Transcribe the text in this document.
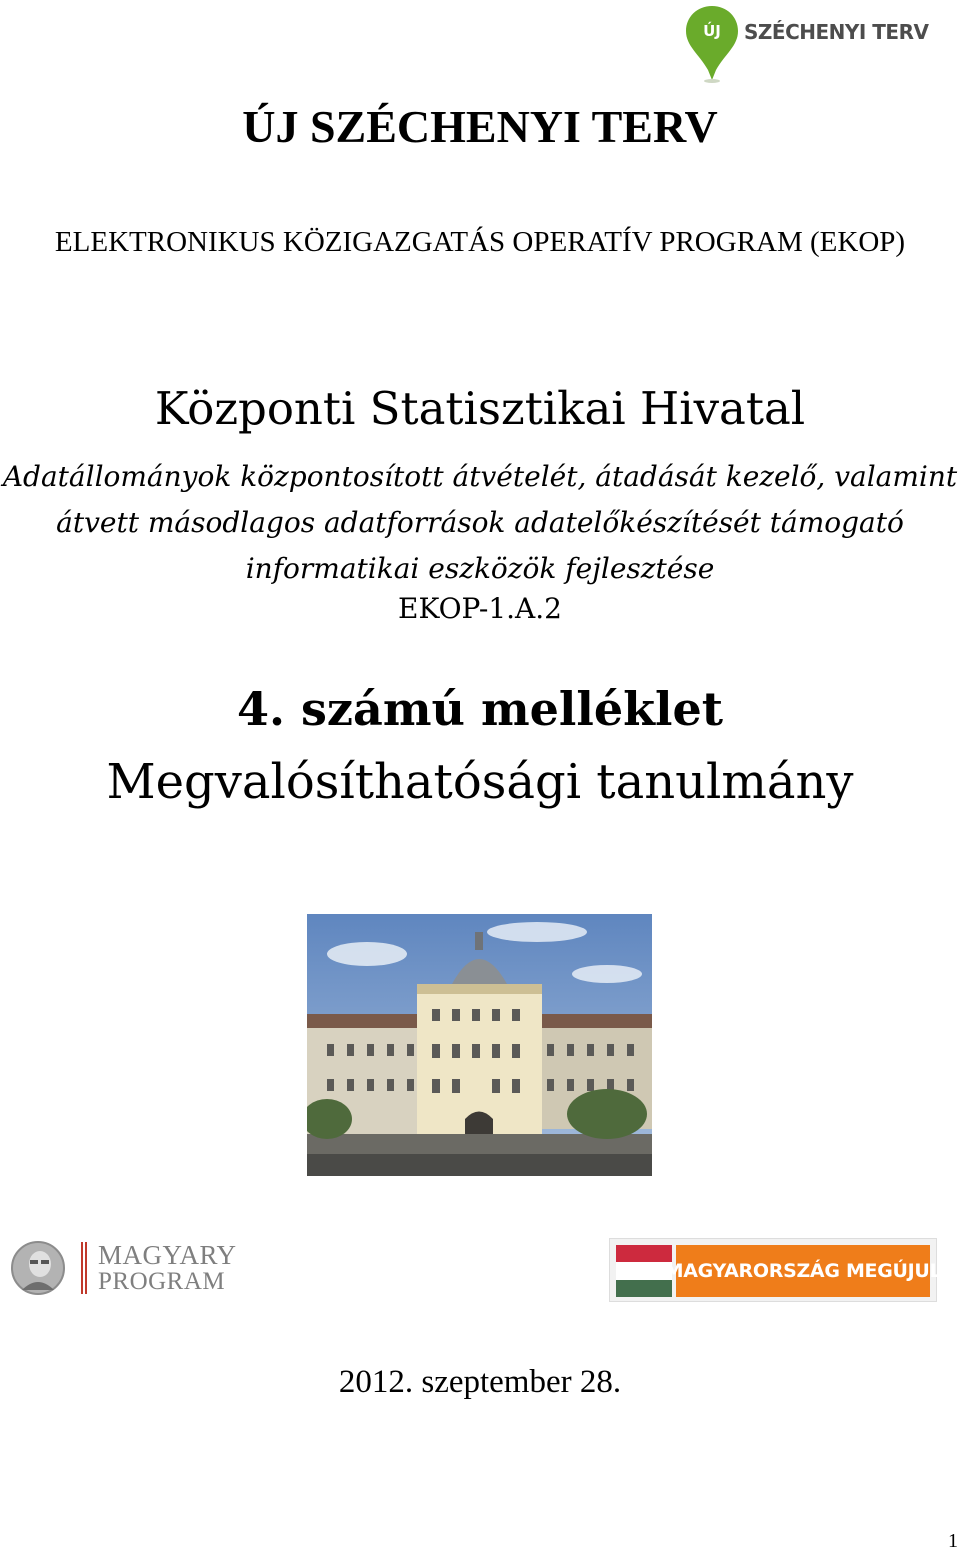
ÚJ	SZÉCHENYI TERV
ÚJ SZÉCHENYI TERV
ELEKTRONIKUS KÖZIGAZGATÁS OPERATÍV PROGRAM (EKOP)
Központi Statisztikai Hivatal
Adatállományok központosított átvételét, átadását kezelő, valamint
átvett másodlagos adatforrások adatelőkészítését támogató
informatikai eszközök fejlesztése
EKOP-1.A.2
4. számú melléklet
Megvalósíthatósági tanulmány
MAGYARY
PROGRAM	MAGYARORSZÁG MEGÚJUL
2012. szeptember 28.
1
